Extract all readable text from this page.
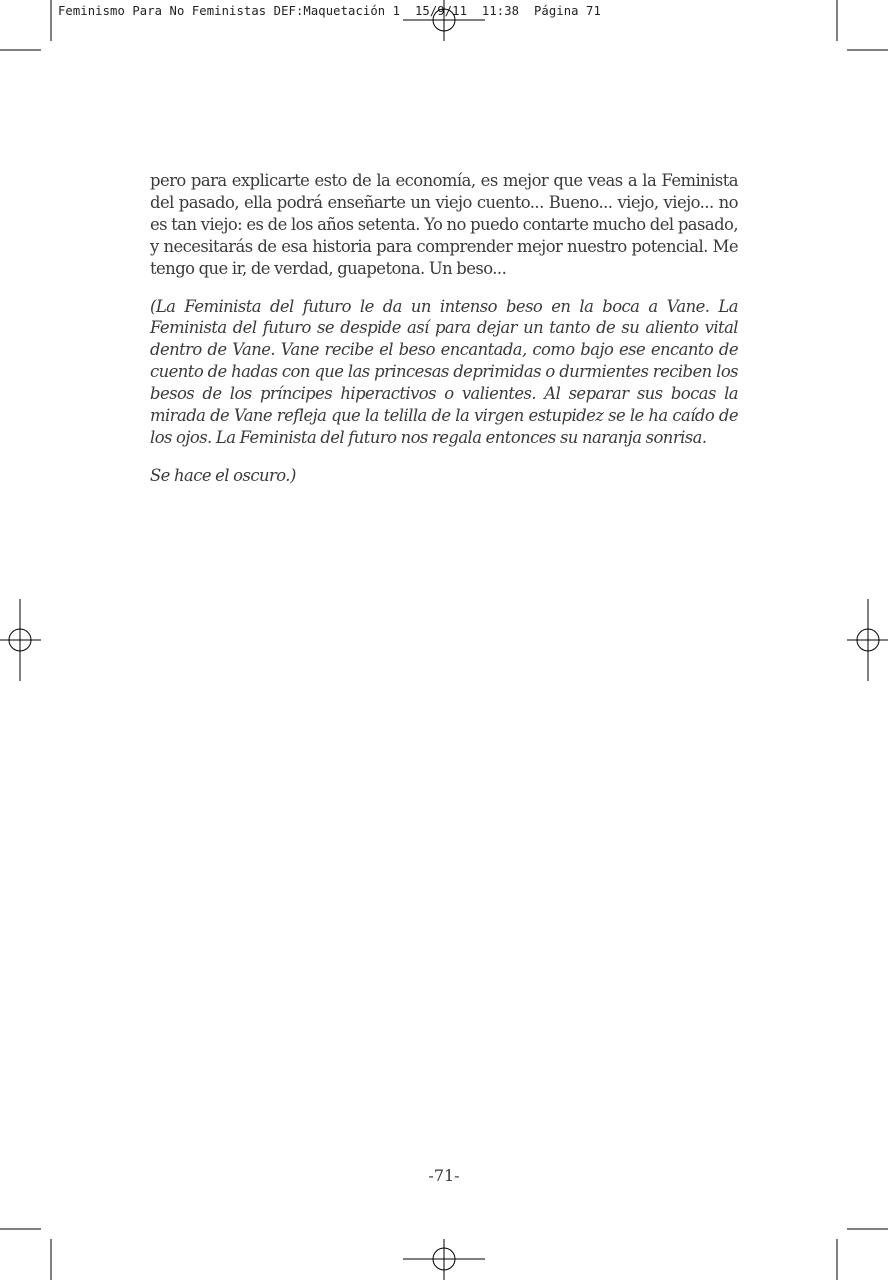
Feminismo Para No Feministas DEF:Maquetación 1  15/9/11  11:38  Página 71

pero para explicarte esto de la economía, es mejor que veas a la Feminista del pasado, ella podrá enseñarte un viejo cuento... Bueno... viejo, viejo... no es tan viejo: es de los años setenta. Yo no puedo contarte mucho del pasado, y necesitarás de esa historia para comprender mejor nuestro potencial. Me tengo que ir, de verdad, guapetona. Un beso...

(La Feminista del futuro le da un intenso beso en la boca a Vane. La Feminista del futuro se despide así para dejar un tanto de su aliento vital dentro de Vane. Vane recibe el beso encantada, como bajo ese encanto de cuento de hadas con que las princesas deprimidas o durmientes reciben los besos de los príncipes hiperactivos o valientes. Al separar sus bocas la mirada de Vane refleja que la telilla de la virgen estupidez se le ha caído de los ojos. La Feminista del futuro nos regala entonces su naranja sonrisa.

Se hace el oscuro.)

-71-
